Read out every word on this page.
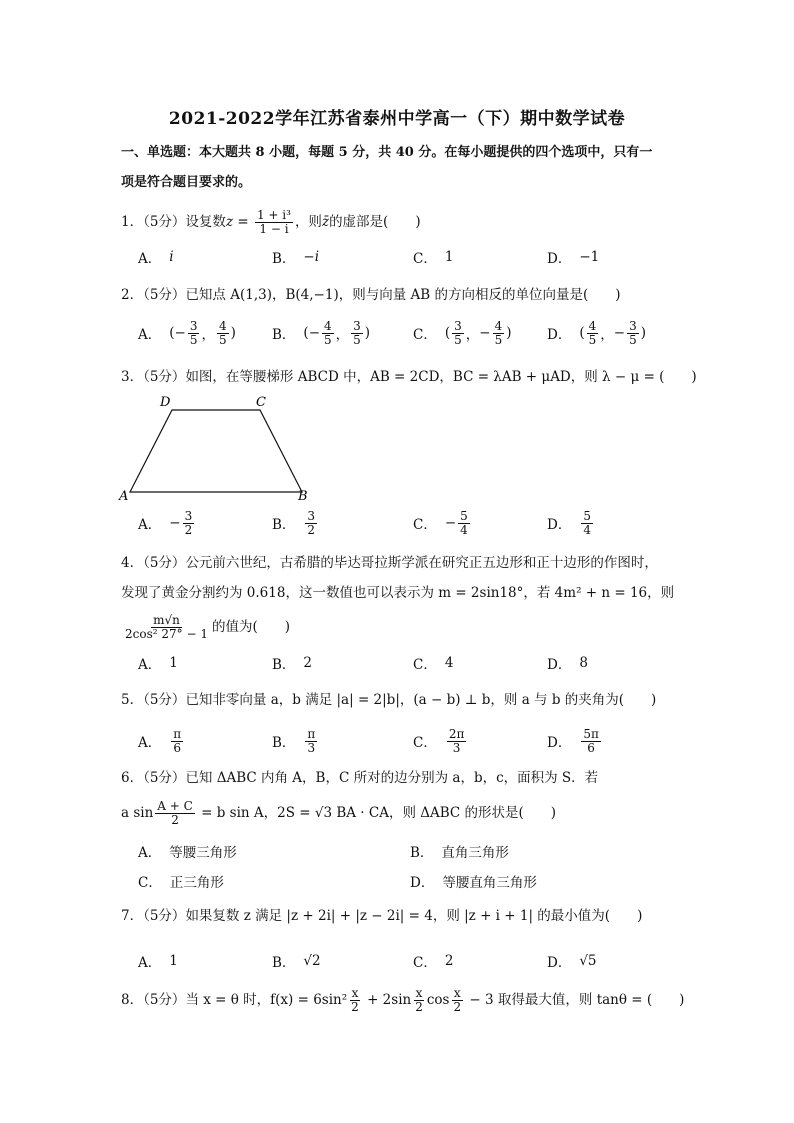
2021-2022学年江苏省泰州中学高一（下）期中数学试卷
一、单选题：本大题共 8 小题，每题 5 分，共 40 分。在每小题提供的四个选项中，只有一
项是符合题目要求的。
1．（5分）设复数$z = \frac{\text{1 + i³}}{1 - i}$ ，则z̄的虚部是(　　)
A． i	B． −i	C． 1	D． −1
2．（5分）已知点 A(1,3)，B(4,−1)，则与向量 AB 的方向相反的单位向量是(　　)
A． (− $\frac{3}{5}$ ， $\frac{4}{5}$ )	B． (− $\frac{4}{5}$ ， $\frac{3}{5}$ )	C． ( $\frac{3}{5}$ ， − $\frac{4}{5}$ )	D． ( $\frac{4}{5}$ ， − $\frac{3}{5}$ )
3．（5分）如图，在等腰梯形 ABCD 中，AB = 2CD，BC = λAB + μAD，则 λ − μ = (　　)
A	B
C
D
A． − $\frac{3}{2}$	B． $\frac{3}{2}$	C． − $\frac{5}{4}$	D． $\frac{5}{4}$
4．（5分）公元前六世纪，古希腊的毕达哥拉斯学派在研究正五边形和正十边形的作图时，
发现了黄金分割约为 0.618，这一数值也可以表示为 m = 2sin18°，若 4m² + n = 16，则
$\frac{m√n}{\text{2cos² 27° − 1}}$ 的值为(　　)
A． 1	B． 2	C． 4	D． 8
5．（5分）已知非零向量 a，b 满足 |a| = 2|b|，(a − b) ⊥ b，则 a 与 b 的夹角为(　　)
A． $\frac{\pi}{6}$	B． $\frac{\pi}{3}$	C． $\frac{2\pi}{3}$	D． $\frac{5\pi}{6}$
6．（5分）已知 ΔABC 内角 A，B，C 所对的边分别为 a，b，c，面积为 S．若
a $\sin \frac{A + C}{2} = b$ sin A，2S = √3 BA · CA，则 ΔABC 的形状是(　　)
A． 等腰三角形	B． 直角三角形
C． 正三角形	D． 等腰直角三角形
7．（5分）如果复数 z 满足 |z + 2i| + |z − 2i| = 4，则 |z + i + 1| 的最小值为(　　)
A． 1	B． √2	C． 2	D． √5
8．（5分）当 x = θ 时，$f(x) = 6\sin^2 \frac{x}{2} + 2\sin \frac{x}{2}$ $\cos \frac{x}{2} - 3$ 取得最大值，则 tanθ = (　　)
